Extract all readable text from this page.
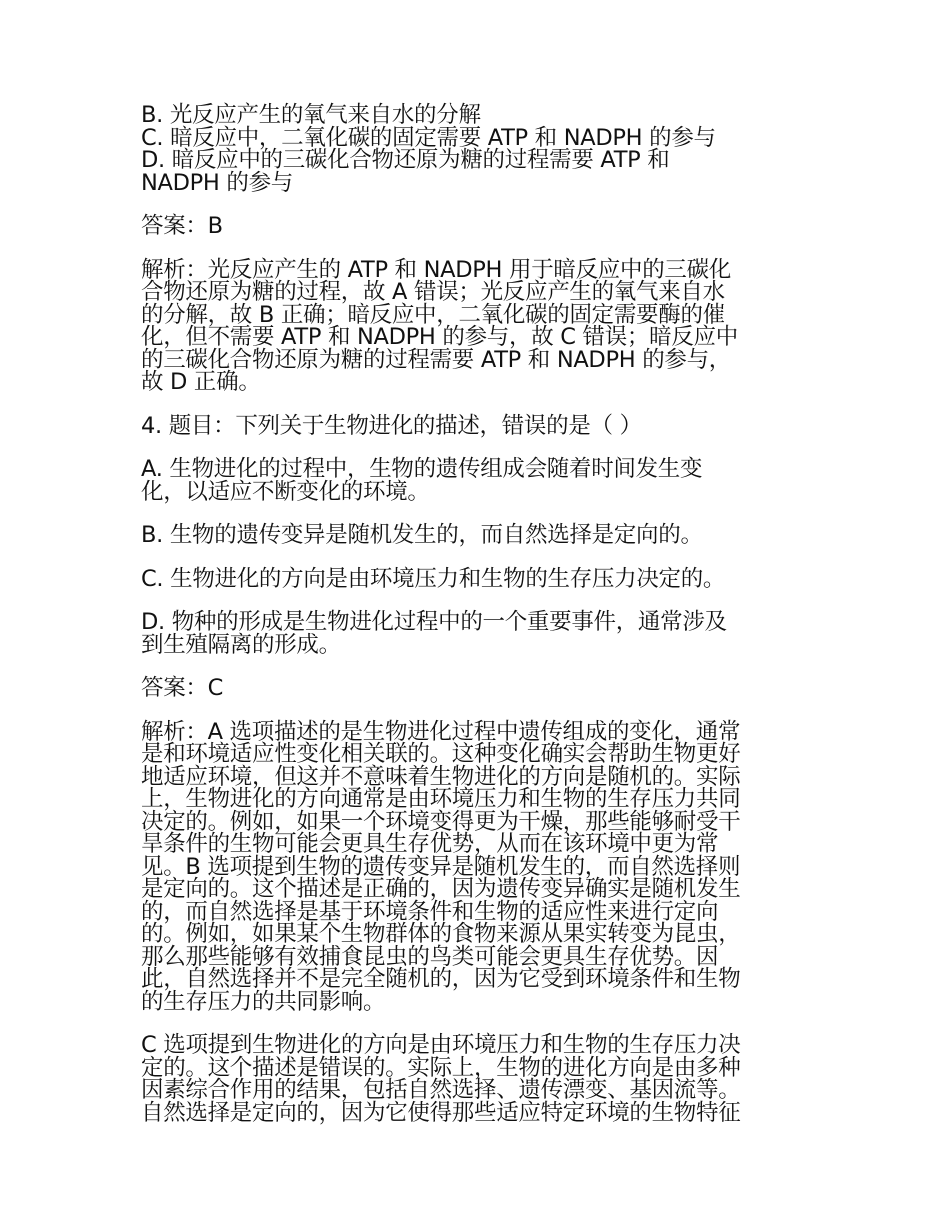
B. 光反应产生的氧气来自水的分解
C. 暗反应中，二氧化碳的固定需要 ATP 和 NADPH 的参与
D. 暗反应中的三碳化合物还原为糖的过程需要 ATP 和
NADPH 的参与
答案：B
解析：光反应产生的 ATP 和 NADPH 用于暗反应中的三碳化
合物还原为糖的过程，故 A 错误；光反应产生的氧气来自水
的分解，故 B 正确；暗反应中，二氧化碳的固定需要酶的催
化，但不需要 ATP 和 NADPH 的参与，故 C 错误；暗反应中
的三碳化合物还原为糖的过程需要 ATP 和 NADPH 的参与，
故 D 正确。
4. 题目：下列关于生物进化的描述，错误的是（ ）
A. 生物进化的过程中，生物的遗传组成会随着时间发生变
化，以适应不断变化的环境。
B. 生物的遗传变异是随机发生的，而自然选择是定向的。
C. 生物进化的方向是由环境压力和生物的生存压力决定的。
D. 物种的形成是生物进化过程中的一个重要事件，通常涉及
到生殖隔离的形成。
答案：C
解析：A 选项描述的是生物进化过程中遗传组成的变化，通常
是和环境适应性变化相关联的。这种变化确实会帮助生物更好
地适应环境，但这并不意味着生物进化的方向是随机的。实际
上，生物进化的方向通常是由环境压力和生物的生存压力共同
决定的。例如，如果一个环境变得更为干燥，那些能够耐受干
旱条件的生物可能会更具生存优势，从而在该环境中更为常
见。B 选项提到生物的遗传变异是随机发生的，而自然选择则
是定向的。这个描述是正确的，因为遗传变异确实是随机发生
的，而自然选择是基于环境条件和生物的适应性来进行定向
的。例如，如果某个生物群体的食物来源从果实转变为昆虫，
那么那些能够有效捕食昆虫的鸟类可能会更具生存优势。因
此，自然选择并不是完全随机的，因为它受到环境条件和生物
的生存压力的共同影响。
C 选项提到生物进化的方向是由环境压力和生物的生存压力决
定的。这个描述是错误的。实际上，生物的进化方向是由多种
因素综合作用的结果，包括自然选择、遗传漂变、基因流等。
自然选择是定向的，因为它使得那些适应特定环境的生物特征
